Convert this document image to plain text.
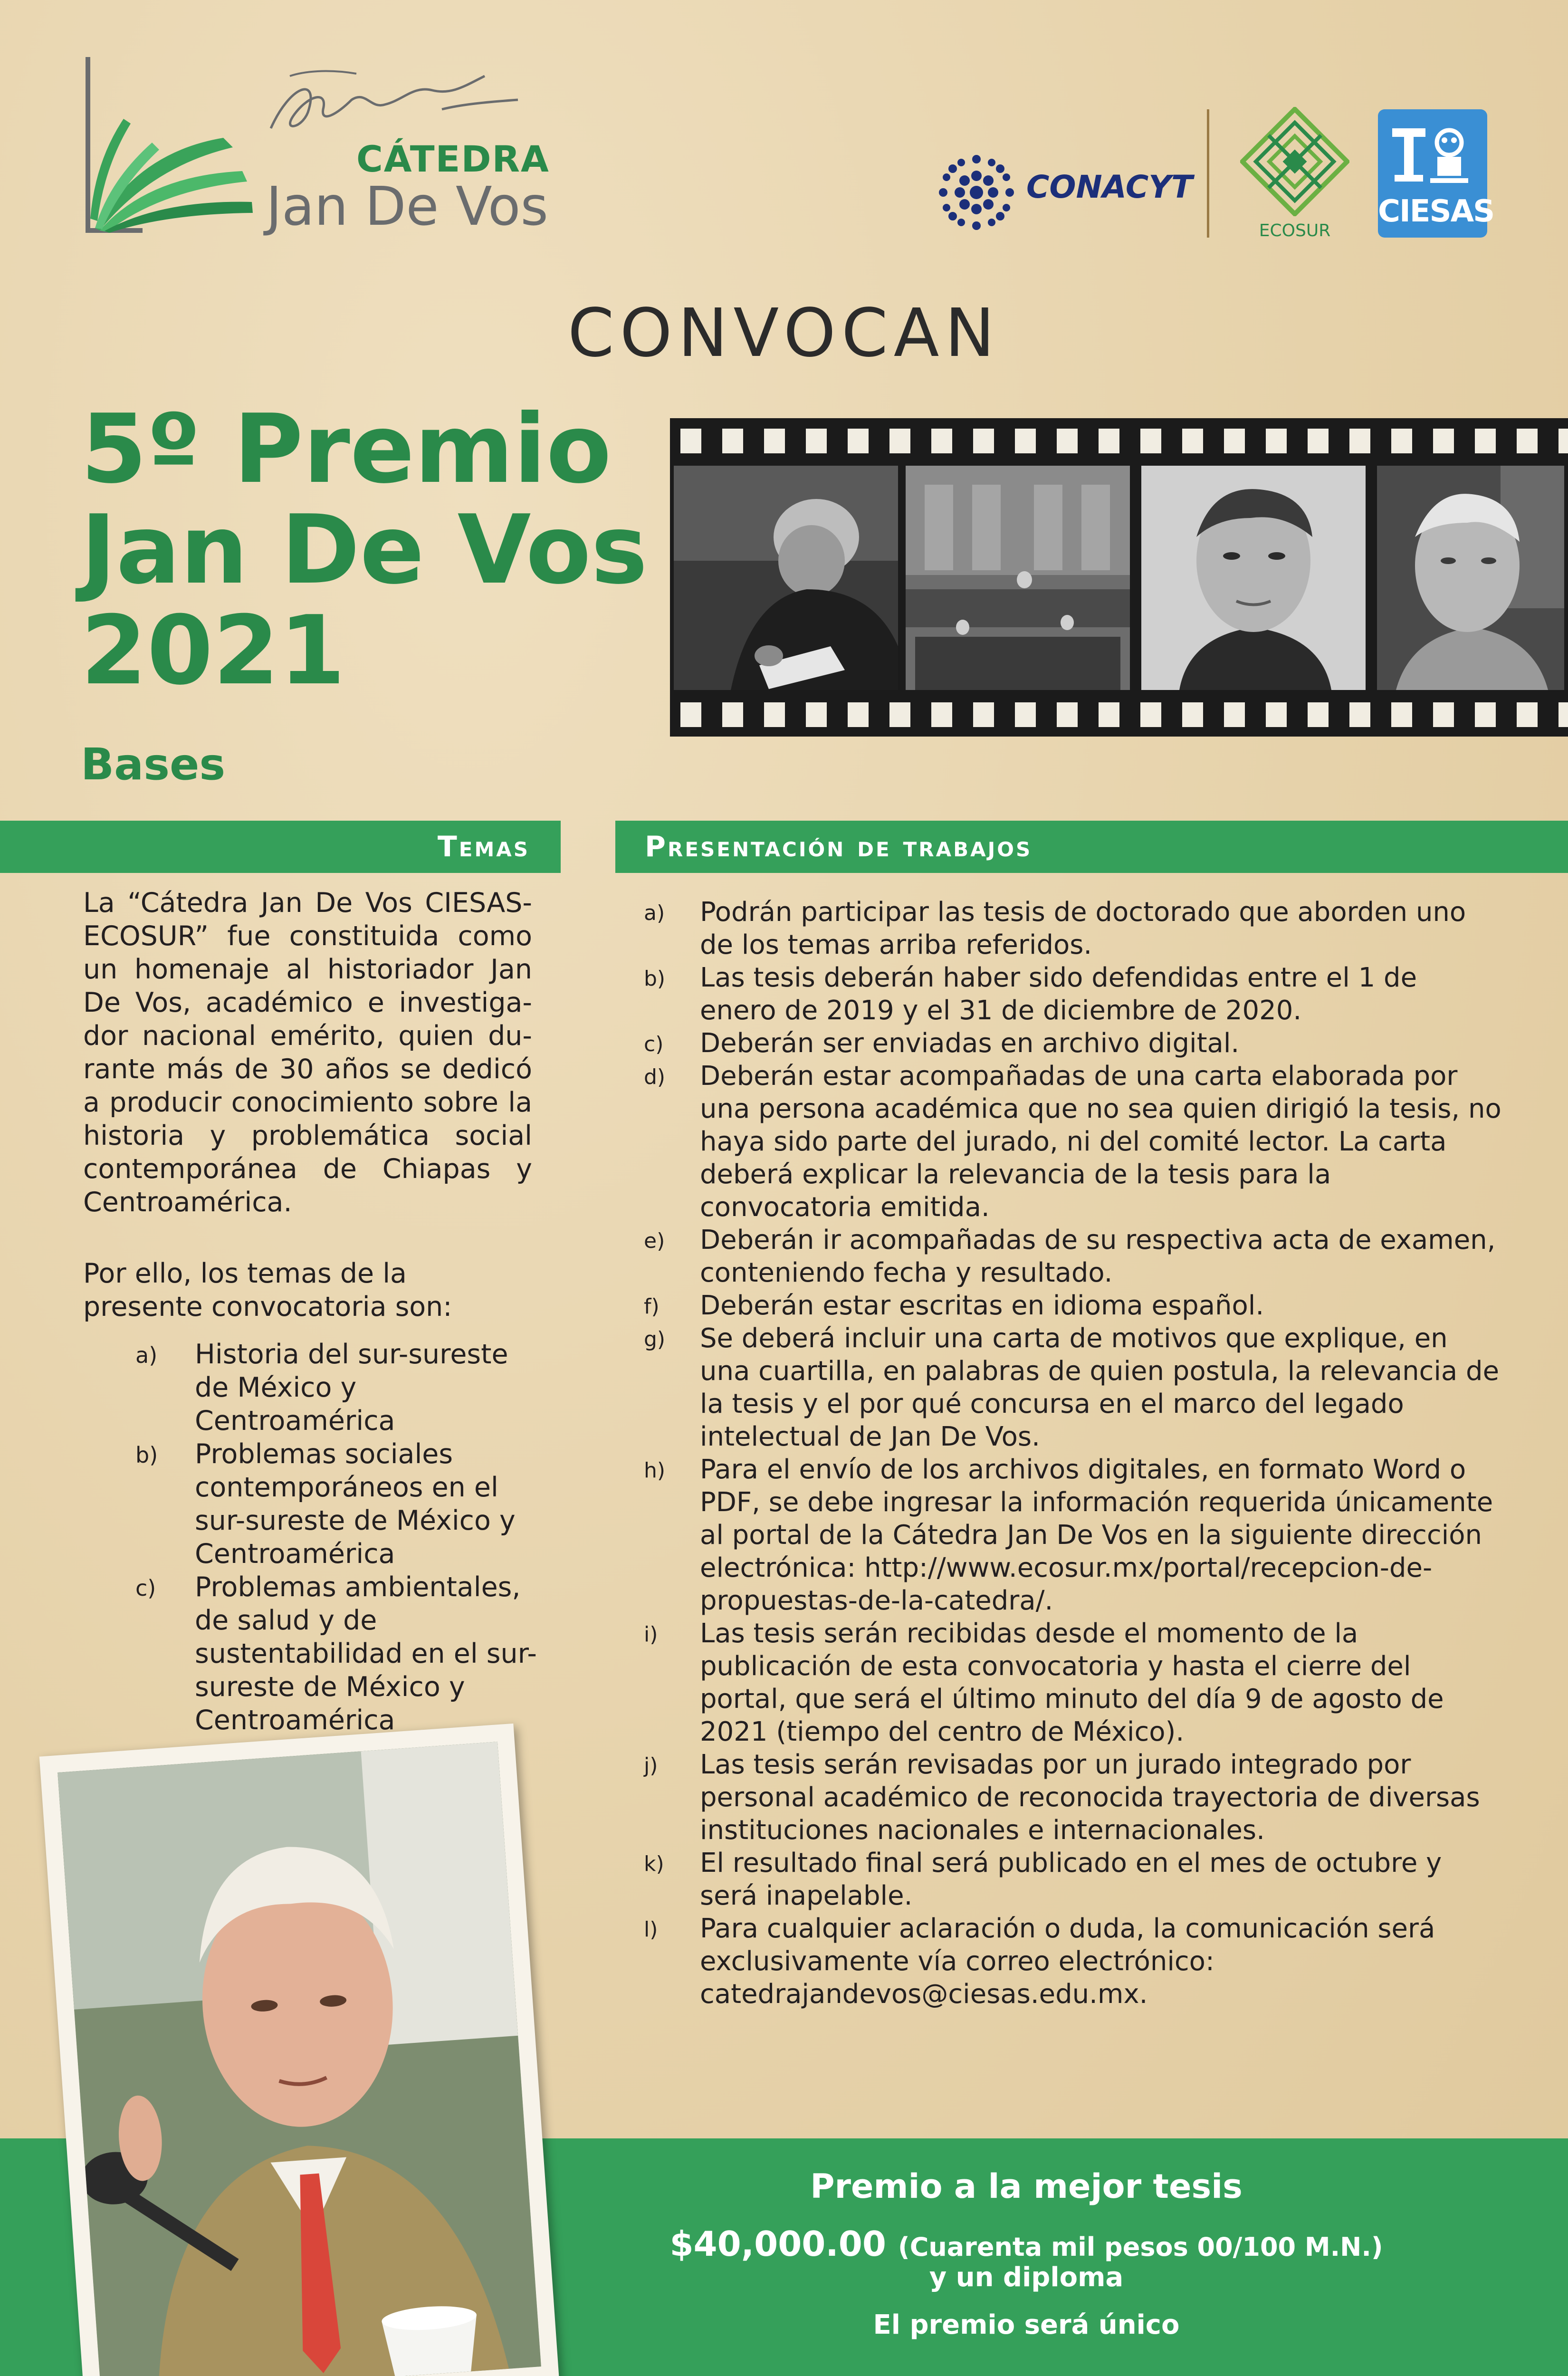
CÁTEDRA
Jan De Vos	CONACYT
ECOSUR
CIESAS
CONVOCAN
5º Premio
Jan De Vos
2021
Bases
Temas	Presentación de trabajos
La “Cátedra Jan De Vos CIESAS-ECOSUR” fue constituida como un homenaje al historiador Jan De Vos, académico e investiga-dor nacional emérito, quien du-rante más de 30 años se dedicó a producir conocimiento sobre la historia y problemática social contemporánea de Chiapas y Centroamérica.
Por ello, los temas de la presente convocatoria son:
a) Historia del sur-sureste de México y Centroamérica
b) Problemas sociales contemporáneos en el sur-sureste de México y Centroamérica
c) Problemas ambientales, de salud y de sustentabilidad en el sur-sureste de México y Centroamérica
a) Podrán participar las tesis de doctorado que aborden uno de los temas arriba referidos.
b) Las tesis deberán haber sido defendidas entre el 1 de enero de 2019 y el 31 de diciembre de 2020.
c) Deberán ser enviadas en archivo digital.
d) Deberán estar acompañadas de una carta elaborada por una persona académica que no sea quien dirigió la tesis, no haya sido parte del jurado, ni del comité lector. La carta deberá explicar la relevancia de la tesis para la convocatoria emitida.
e) Deberán ir acompañadas de su respectiva acta de examen, conteniendo fecha y resultado.
f) Deberán estar escritas en idioma español.
g) Se deberá incluir una carta de motivos que explique, en una cuartilla, en palabras de quien postula, la relevancia de la tesis y el por qué concursa en el marco del legado intelectual de Jan De Vos.
h) Para el envío de los archivos digitales, en formato Word o PDF, se debe ingresar la información requerida únicamente al portal de la Cátedra Jan De Vos en la siguiente dirección electrónica: http://www.ecosur.mx/portal/recepcion-de-propuestas-de-la-catedra/.
i) Las tesis serán recibidas desde el momento de la publicación de esta convocatoria y hasta el cierre del portal, que será el último minuto del día 9 de agosto de 2021 (tiempo del centro de México).
j) Las tesis serán revisadas por un jurado integrado por personal académico de reconocida trayectoria de diversas instituciones nacionales e internacionales.
k) El resultado final será publicado en el mes de octubre y será inapelable.
l) Para cualquier aclaración o duda, la comunicación será exclusivamente vía correo electrónico: catedrajandevos@ciesas.edu.mx.
Premio a la mejor tesis
$40,000.00 (Cuarenta mil pesos 00/100 M.N.)
y un diploma
El premio será único
